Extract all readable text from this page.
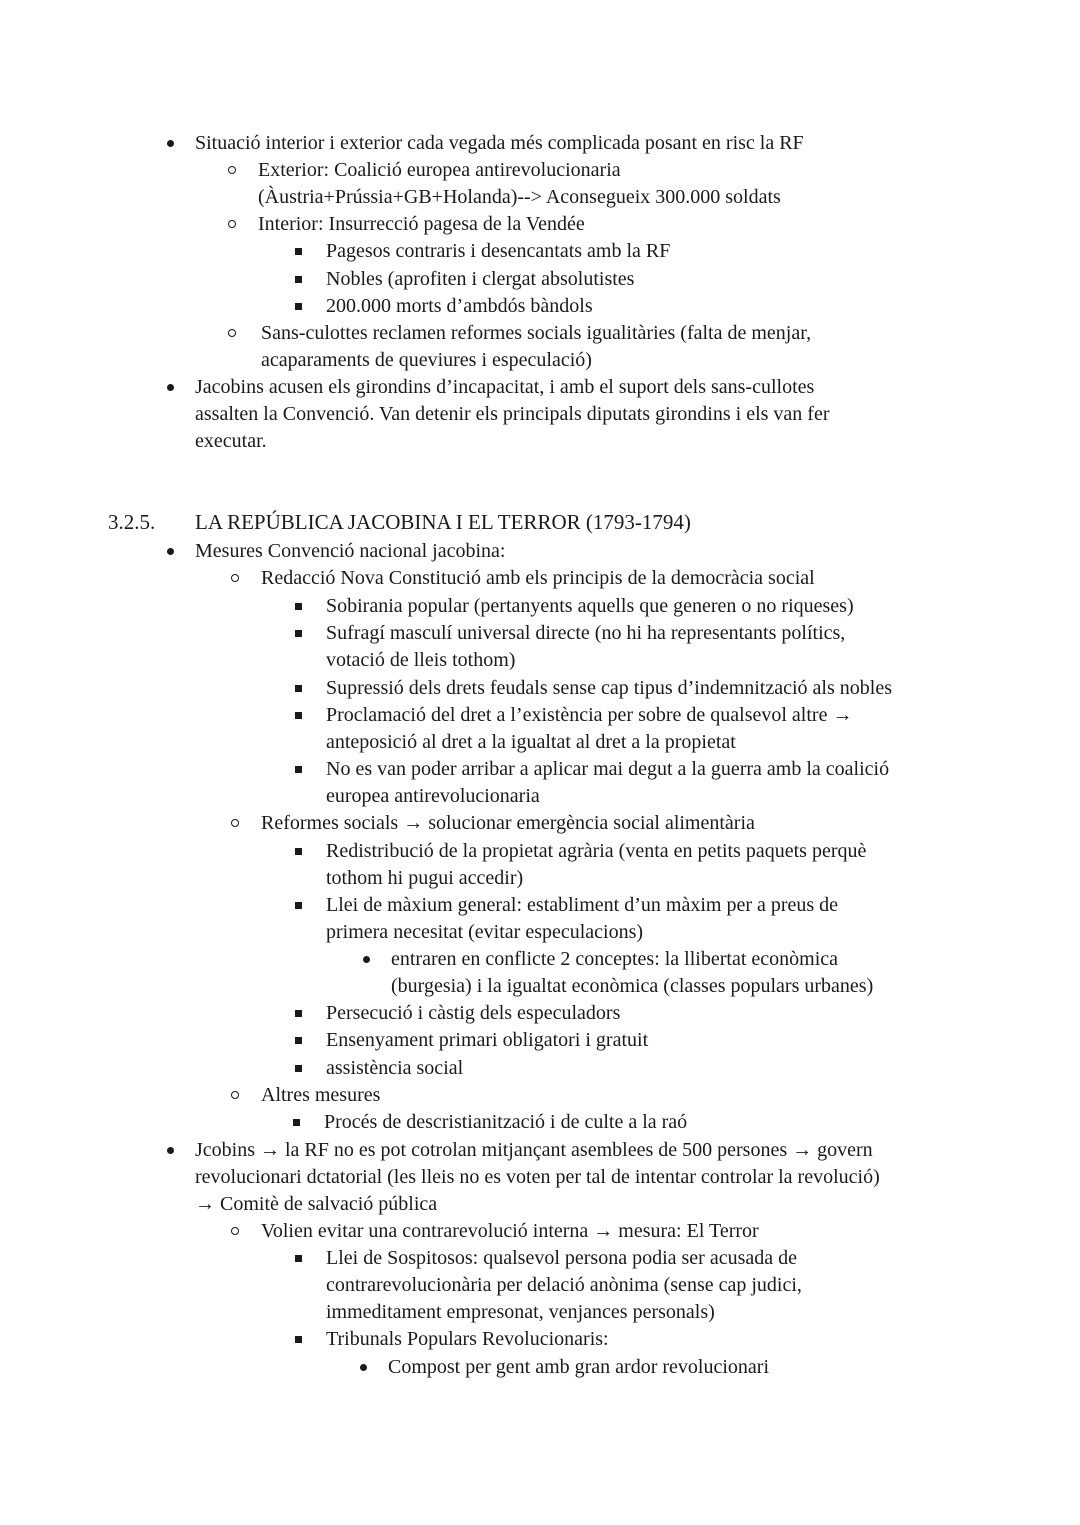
Situació interior i exterior cada vegada més complicada posant en risc la RF
Exterior: Coalició europea antirevolucionaria
(Àustria+Prússia+GB+Holanda)--> Aconsegueix 300.000 soldats
Interior: Insurrecció pagesa de la Vendée
Pagesos contraris i desencantats amb la RF
Nobles (aprofiten i clergat absolutistes
200.000 morts d’ambdós bàndols
Sans-culottes reclamen reformes socials igualitàries (falta de menjar,
acaparaments de queviures i especulació)
Jacobins acusen els girondins d’incapacitat, i amb el suport dels sans-cullotes
assalten la Convenció. Van detenir els principals diputats girondins i els van fer
executar.
3.2.5. LA REPÚBLICA JACOBINA I EL TERROR (1793-1794)
Mesures Convenció nacional jacobina:
Redacció Nova Constitució amb els principis de la democràcia social
Sobirania popular (pertanyents aquells que generen o no riqueses)
Sufragí masculí universal directe (no hi ha representants polítics,
votació de lleis tothom)
Supressió dels drets feudals sense cap tipus d’indemnització als nobles
Proclamació del dret a l’existència per sobre de qualsevol altre →
anteposició al dret a la igualtat al dret a la propietat
No es van poder arribar a aplicar mai degut a la guerra amb la coalició
europea antirevolucionaria
Reformes socials → solucionar emergència social alimentària
Redistribució de la propietat agrària (venta en petits paquets perquè
tothom hi pugui accedir)
Llei de màxium general: establiment d’un màxim per a preus de
primera necesitat (evitar especulacions)
entraren en conflicte 2 conceptes: la llibertat econòmica
(burgesia) i la igualtat econòmica (classes populars urbanes)
Persecució i càstig dels especuladors
Ensenyament primari obligatori i gratuit
assistència social
Altres mesures
Procés de descristianització i de culte a la raó
Jcobins → la RF no es pot cotrolan mitjançant asemblees de 500 persones → govern
revolucionari dctatorial (les lleis no es voten per tal de intentar controlar la revolució)
→ Comitè de salvació pública
Volien evitar una contrarevolució interna → mesura: El Terror
Llei de Sospitosos: qualsevol persona podia ser acusada de
contrarevolucionària per delació anònima (sense cap judici,
immeditament empresonat, venjances personals)
Tribunals Populars Revolucionaris:
Compost per gent amb gran ardor revolucionari
